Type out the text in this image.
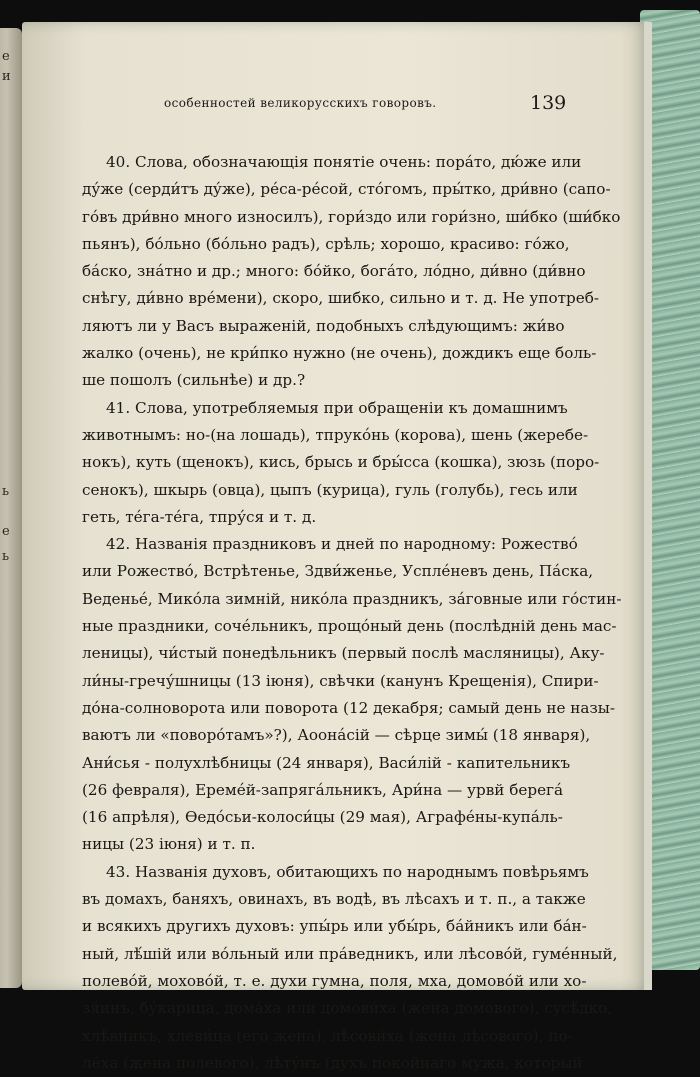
е
и
ь
е
ь
особенностей великорусскихъ говоровъ.	139
40. Слова, обозначающія понятіе очень: поpáто, дю́же или
ду́же (серди́тъ ду́же), рéса-рéсой, стóгомъ, пры́тко, дри́вно (сапо-
гóвъ дри́вно много износилъ), гори́здо или гори́зно, ши́бко (ши́бко
пьянъ), бóльно (бóльно радъ), срѣль; хорошо, красиво: гóжо,
бáско, знáтно и др.; много: бóйко, богáто, лóдно, ди́вно (ди́вно
снѣгу, ди́вно врéмени), скоро, шибко, сильно и т. д. Не употреб-
ляютъ ли у Васъ выраженій, подобныхъ слѣдующимъ: жи́во
жалко (очень), не кри́пко нужно (не очень), дождикъ еще боль-
ше пошолъ (сильнѣе) и др.?
41. Слова, употребляемыя при обращеніи къ домашнимъ
животнымъ: но-(на лошадь), тпрукóнь (корова), шень (жеребе-
нокъ), куть (щенокъ), кись, брысь и бры́сса (кошка), зюзь (поро-
сенокъ), шкырь (овца), цыпъ (курица), гуль (голубь), гесь или
геть, тéга-тéга, тпру́ся и т. д.
42. Названія праздниковъ и дней по народному: Рожество́
или Рожество́, Встрѣтенье, Здви́женье, Успле́невъ день, Пáска,
Веденье́, Микóла зимній, никóла праздникъ, зáговные или го́стин-
ные праздники, сочéльникъ, прощóный день (послѣдній день мас-
леницы), чи́стый понедѣльникъ (первый послѣ масляницы), Аку-
ли́ны-гречу́шницы (13 іюня), свѣчки (канунъ Крещенія), Спири-
дóна-солноворота или поворота (12 декабря; самый день не назы-
ваютъ ли «поворóтамъ»?), Аоонáсій — сѣрце зимы́ (18 января),
Ани́сья - полухлѣбницы (24 января), Васи́лій - капительникъ
(26 февраля), Ереме́й-запрягáльникъ, Ари́на — урвй берегá
(16 апрѣля), Ѳедóсьи-колоси́цы (29 мая), Аграфéны-купáль-
ницы (23 іюня) и т. п.
43. Названія духовъ, обитающихъ по народнымъ повѣрьямъ
въ домахъ, баняхъ, овинахъ, въ водѣ, въ лѣсахъ и т. п., а также
и всякихъ другихъ духовъ: упы́рь или убы́рь, бáйникъ или бáн-
ный, лѣ́шій или вóльный или прáведникъ, или лѣсовóй, гумéнный,
полевóй, моховóй, т. е. духи гумна, поля, мха, домовóй или хо-
зя́инъ, бу́карица, домáха или домови́ха (жена домового), сусѣ́дко,
хлѣ́вникъ, хлеви́ца (его жена), лѣсови́ха (жена лѣсового), по-
лéха (жена полевого), лѣтýнъ (духъ покойнаго мужа, который
